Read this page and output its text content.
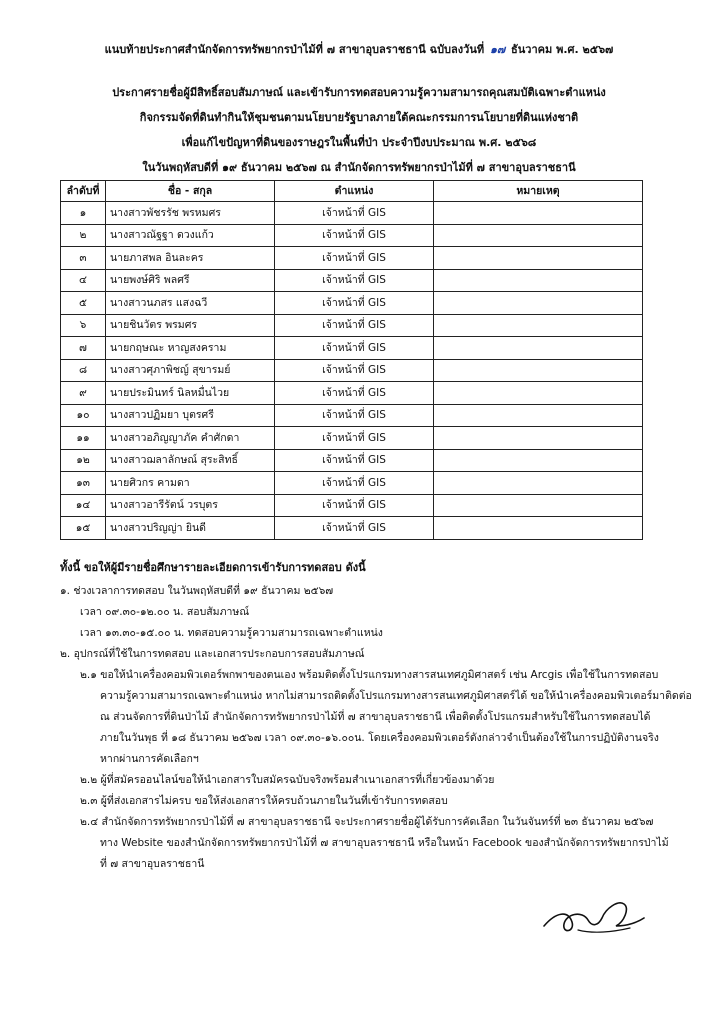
แนบท้ายประกาศสำนักจัดการทรัพยากรป่าไม้ที่ ๗ สาขาอุบลราชธานี ฉบับลงวันที่ ๑๗ ธันวาคม พ.ศ. ๒๕๖๗
ประกาศรายชื่อผู้มีสิทธิ์สอบสัมภาษณ์ และเข้ารับการทดสอบความรู้ความสามารถคุณสมบัติเฉพาะตำแหน่ง
กิจกรรมจัดที่ดินทำกินให้ชุมชนตามนโยบายรัฐบาลภายใต้คณะกรรมการนโยบายที่ดินแห่งชาติ
เพื่อแก้ไขปัญหาที่ดินของราษฎรในพื้นที่ป่า ประจำปีงบประมาณ พ.ศ. ๒๕๖๘
ในวันพฤหัสบดีที่ ๑๙ ธันวาคม ๒๕๖๗ ณ สำนักจัดการทรัพยากรป่าไม้ที่ ๗ สาขาอุบลราชธานี
ลำดับที่	ชื่อ - สกุล	ตำแหน่ง	หมายเหตุ
๑	นางสาวพัชรรัช พรหมศร	เจ้าหน้าที่ GIS	
๒	นางสาวณัฐฐา ดวงแก้ว	เจ้าหน้าที่ GIS	
๓	นายภาสพล อินละคร	เจ้าหน้าที่ GIS	
๔	นายพงษ์ศิริ พลศรี	เจ้าหน้าที่ GIS	
๕	นางสาวนภสร แสงฉวี	เจ้าหน้าที่ GIS	
๖	นายชินวัตร พรมศร	เจ้าหน้าที่ GIS	
๗	นายกฤษณะ หาญสงคราม	เจ้าหน้าที่ GIS	
๘	นางสาวศุภาพิชญ์ สุขารมย์	เจ้าหน้าที่ GIS	
๙	นายประมินทร์ นิลหมื่นไวย	เจ้าหน้าที่ GIS	
๑๐	นางสาวปฏิมยา บุตรศรี	เจ้าหน้าที่ GIS	
๑๑	นางสาวอภิญญาภัค คำศักดา	เจ้าหน้าที่ GIS	
๑๒	นางสาวฌลาลักษณ์ สุระสิทธิ์	เจ้าหน้าที่ GIS	
๑๓	นายศิวกร คามดา	เจ้าหน้าที่ GIS	
๑๔	นางสาวอารีรัตน์ วรบุตร	เจ้าหน้าที่ GIS	
๑๕	นางสาวปริญญ่า ยินดี	เจ้าหน้าที่ GIS	
ทั้งนี้ ขอให้ผู้มีรายชื่อศึกษารายละเอียดการเข้ารับการทดสอบ ดังนี้
๑. ช่วงเวลาการทดสอบ ในวันพฤหัสบดีที่ ๑๙ ธันวาคม ๒๕๖๗
เวลา ๐๙.๓๐-๑๒.๐๐ น. สอบสัมภาษณ์
เวลา ๑๓.๓๐-๑๕.๐๐ น. ทดสอบความรู้ความสามารถเฉพาะตำแหน่ง
๒. อุปกรณ์ที่ใช้ในการทดสอบ และเอกสารประกอบการสอบสัมภาษณ์
๒.๑ ขอให้นำเครื่องคอมพิวเตอร์พกพาของตนเอง พร้อมติดตั้งโปรแกรมทางสารสนเทศภูมิศาสตร์ เช่น Arcgis เพื่อใช้ในการทดสอบ
ความรู้ความสามารถเฉพาะตำแหน่ง หากไม่สามารถติดตั้งโปรแกรมทางสารสนเทศภูมิศาสตร์ได้ ขอให้นำเครื่องคอมพิวเตอร์มาติดต่อ
ณ ส่วนจัดการที่ดินป่าไม้ สำนักจัดการทรัพยากรป่าไม้ที่ ๗ สาขาอุบลราชธานี เพื่อติดตั้งโปรแกรมสำหรับใช้ในการทดสอบได้
ภายในวันพุธ ที่ ๑๘ ธันวาคม ๒๕๖๗ เวลา ๐๙.๓๐-๑๖.๐๐น. โดยเครื่องคอมพิวเตอร์ดังกล่าวจำเป็นต้องใช้ในการปฏิบัติงานจริง
หากผ่านการคัดเลือกฯ
๒.๒ ผู้ที่สมัครออนไลน์ขอให้นำเอกสารใบสมัครฉบับจริงพร้อมสำเนาเอกสารที่เกี่ยวข้องมาด้วย
๒.๓ ผู้ที่ส่งเอกสารไม่ครบ ขอให้ส่งเอกสารให้ครบถ้วนภายในวันที่เข้ารับการทดสอบ
๒.๔ สำนักจัดการทรัพยากรป่าไม้ที่ ๗ สาขาอุบลราชธานี จะประกาศรายชื่อผู้ได้รับการคัดเลือก ในวันจันทร์ที่ ๒๓ ธันวาคม ๒๕๖๗
ทาง Website ของสำนักจัดการทรัพยากรป่าไม้ที่ ๗ สาขาอุบลราชธานี หรือในหน้า Facebook ของสำนักจัดการทรัพยากรป่าไม้
ที่ ๗ สาขาอุบลราชธานี
